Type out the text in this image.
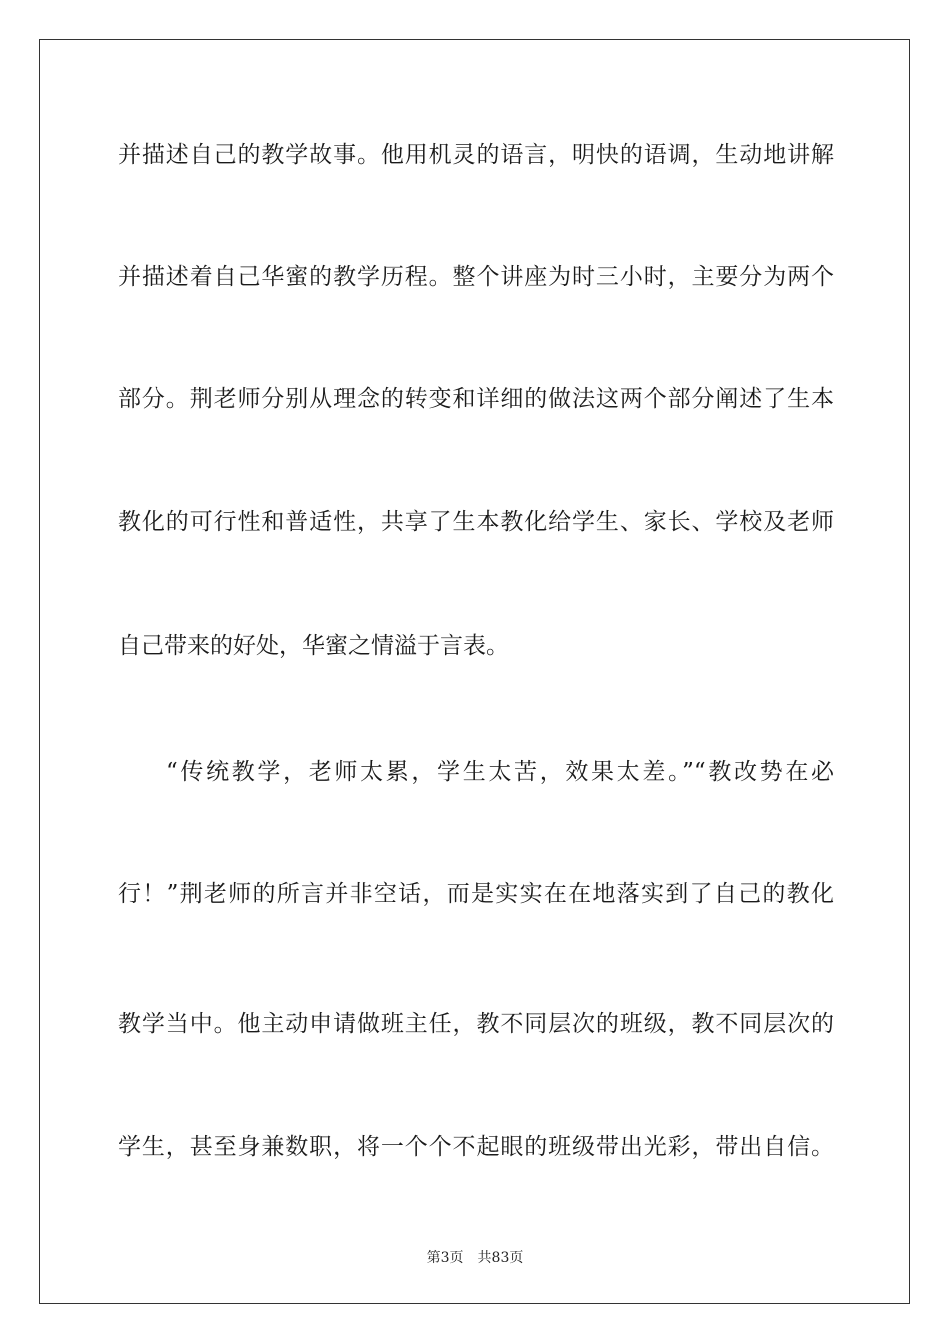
并描述自己的教学故事。他用机灵的语言，明快的语调，生动地讲解
并描述着自己华蜜的教学历程。整个讲座为时三小时，主要分为两个
部分。荆老师分别从理念的转变和详细的做法这两个部分阐述了生本
教化的可行性和普适性，共享了生本教化给学生、家长、学校及老师
自己带来的好处，华蜜之情溢于言表。
“传统教学，老师太累，学生太苦，效果太差。”“教改势在必
行！”荆老师的所言并非空话，而是实实在在地落实到了自己的教化
教学当中。他主动申请做班主任，教不同层次的班级，教不同层次的
学生，甚至身兼数职，将一个个不起眼的班级带出光彩，带出自信。
第3页 共83页
